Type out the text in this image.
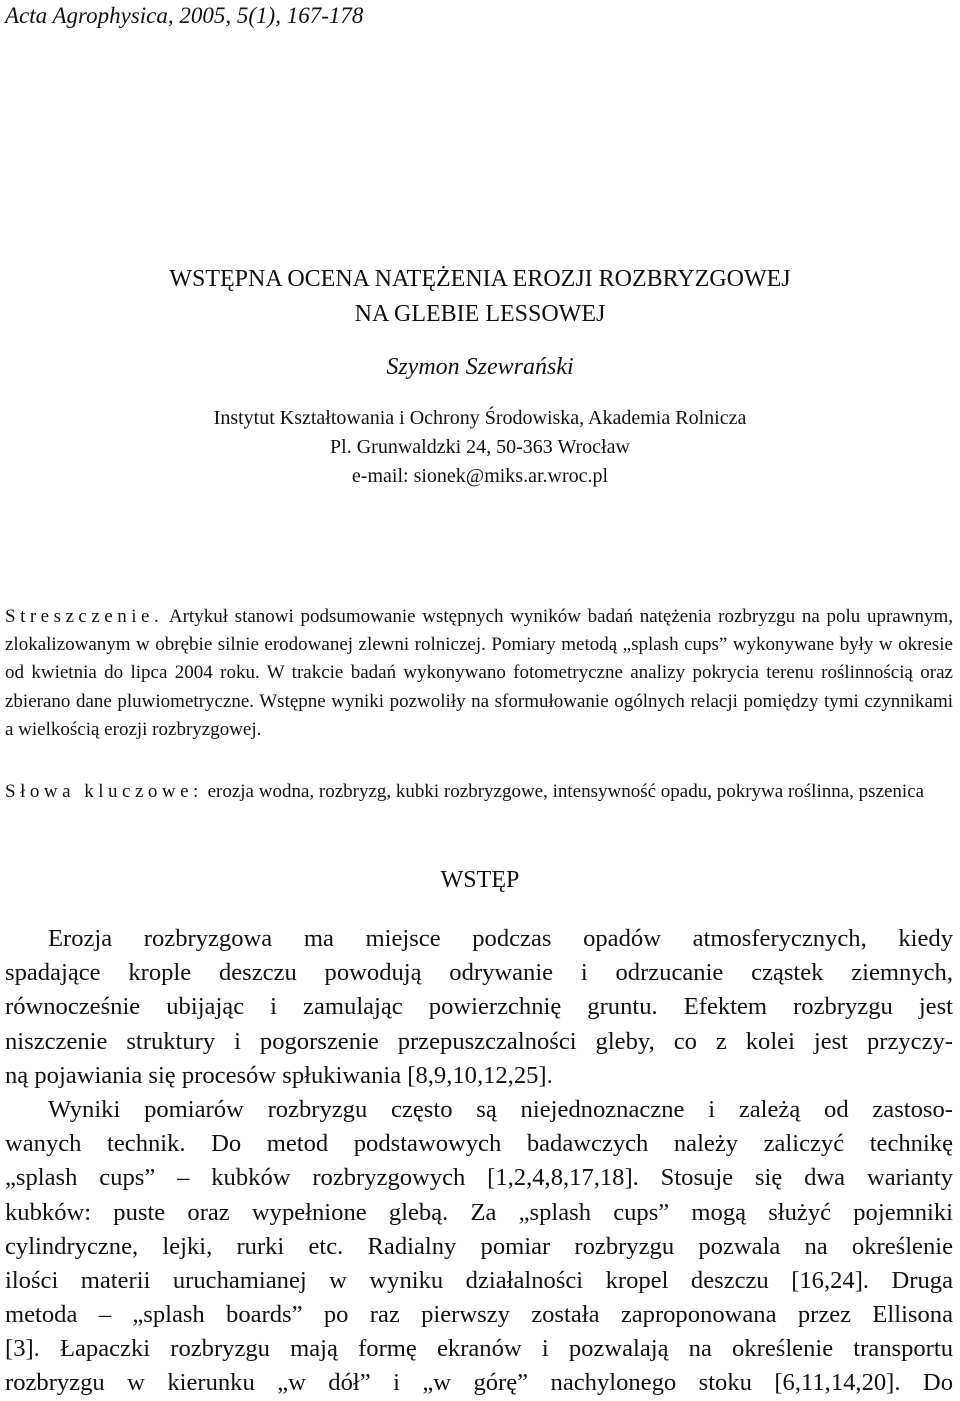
Acta Agrophysica, 2005, 5(1), 167-178
WSTĘPNA OCENA NATĘŻENIA EROZJI ROZBRYZGOWEJ
NA GLEBIE LESSOWEJ
Szymon Szewrański
Instytut Kształtowania i Ochrony Środowiska, Akademia Rolnicza
Pl. Grunwaldzki 24, 50-363 Wrocław
e-mail: sionek@miks.ar.wroc.pl

Streszczenie. Artykuł stanowi podsumowanie wstępnych wyników badań natężenia rozbryzgu na polu uprawnym, zlokalizowanym w obrębie silnie erodowanej zlewni rolniczej. Pomiary metodą „splash cups” wykonywane były w okresie od kwietnia do lipca 2004 roku. W trakcie badań wykonywano fotometryczne analizy pokrycia terenu roślinnością oraz zbierano dane pluwiometryczne. Wstępne wyniki pozwoliły na sformułowanie ogólnych relacji pomiędzy tymi czynnikami a wielkością erozji rozbryzgowej.

Słowa kluczowe: erozja wodna, rozbryzg, kubki rozbryzgowe, intensywność opadu, pokrywa roślinna, pszenica

WSTĘP
Erozja rozbryzgowa ma miejsce podczas opadów atmosferycznych, kiedy
spadające krople deszczu powodują odrywanie i odrzucanie cząstek ziemnych,
równocześnie ubijając i zamulając powierzchnię gruntu. Efektem rozbryzgu jest
niszczenie struktury i pogorszenie przepuszczalności gleby, co z kolei jest przyczy-
ną pojawiania się procesów spłukiwania [8,9,10,12,25].
Wyniki pomiarów rozbryzgu często są niejednoznaczne i zależą od zastoso-
wanych technik. Do metod podstawowych badawczych należy zaliczyć technikę
„splash cups” – kubków rozbryzgowych [1,2,4,8,17,18]. Stosuje się dwa warianty
kubków: puste oraz wypełnione glebą. Za „splash cups” mogą służyć pojemniki
cylindryczne, lejki, rurki etc. Radialny pomiar rozbryzgu pozwala na określenie
ilości materii uruchamianej w wyniku działalności kropel deszczu [16,24]. Druga
metoda – „splash boards” po raz pierwszy została zaproponowana przez Ellisona
[3]. Łapaczki rozbryzgu mają formę ekranów i pozwalają na określenie transportu
rozbryzgu w kierunku „w dół” i „w górę” nachylonego stoku [6,11,14,20]. Do
